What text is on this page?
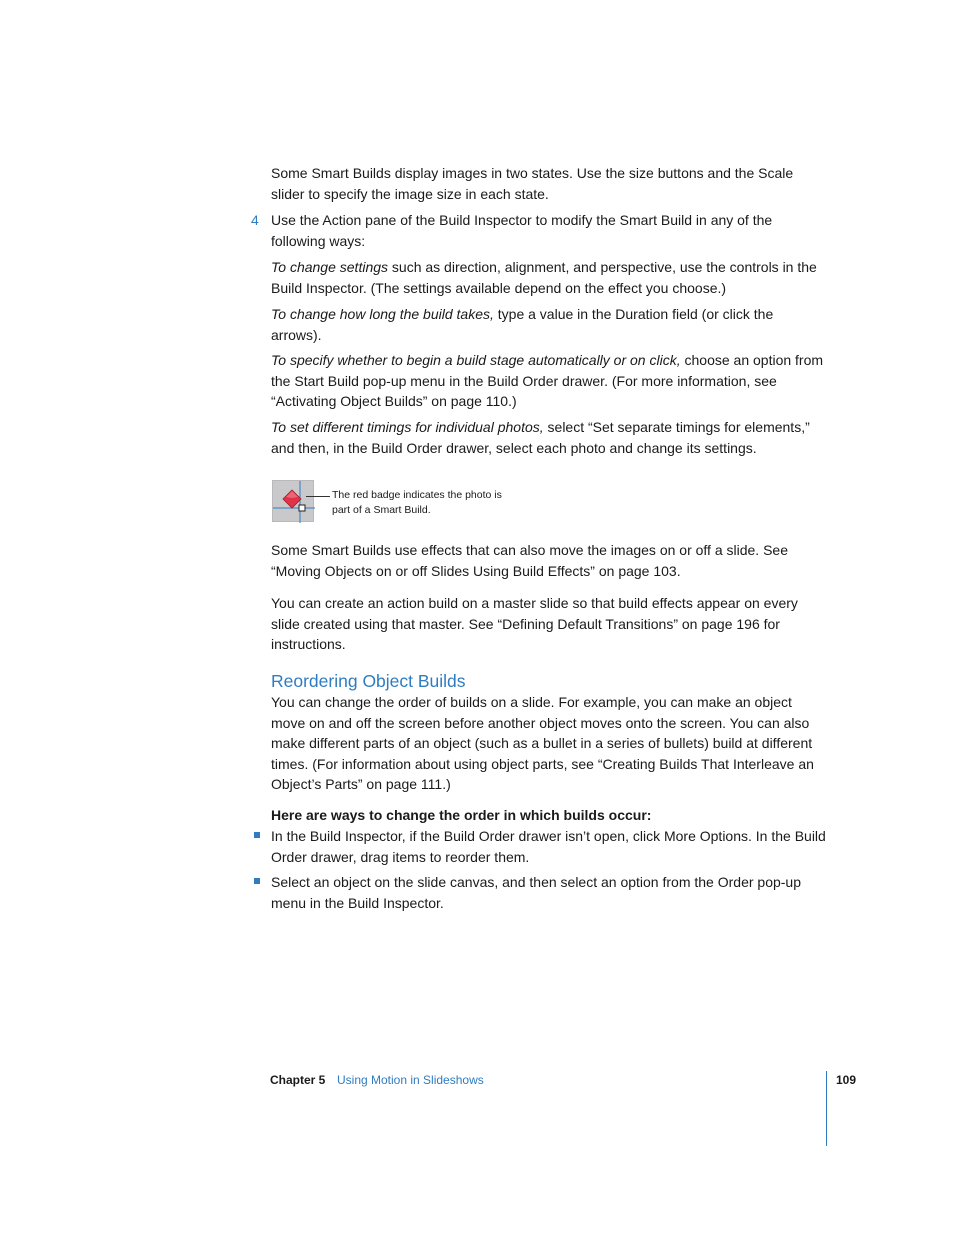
Some Smart Builds display images in two states. Use the size buttons and the Scale slider to specify the image size in each state.

4 Use the Action pane of the Build Inspector to modify the Smart Build in any of the following ways:

To change settings such as direction, alignment, and perspective, use the controls in the Build Inspector. (The settings available depend on the effect you choose.)

To change how long the build takes, type a value in the Duration field (or click the arrows).

To specify whether to begin a build stage automatically or on click, choose an option from the Start Build pop-up menu in the Build Order drawer. (For more information, see “Activating Object Builds” on page 110.)

To set different timings for individual photos, select “Set separate timings for elements,” and then, in the Build Order drawer, select each photo and change its settings.

The red badge indicates the photo is part of a Smart Build.

Some Smart Builds use effects that can also move the images on or off a slide. See “Moving Objects on or off Slides Using Build Effects” on page 103.

You can create an action build on a master slide so that build effects appear on every slide created using that master. See “Defining Default Transitions” on page 196 for instructions.

Reordering Object Builds

You can change the order of builds on a slide. For example, you can make an object move on and off the screen before another object moves onto the screen. You can also make different parts of an object (such as a bullet in a series of bullets) build at different times. (For information about using object parts, see “Creating Builds That Interleave an Object’s Parts” on page 111.)

Here are ways to change the order in which builds occur:

In the Build Inspector, if the Build Order drawer isn’t open, click More Options. In the Build Order drawer, drag items to reorder them.

Select an object on the slide canvas, and then select an option from the Order pop-up menu in the Build Inspector.

Chapter 5 Using Motion in Slideshows	109
